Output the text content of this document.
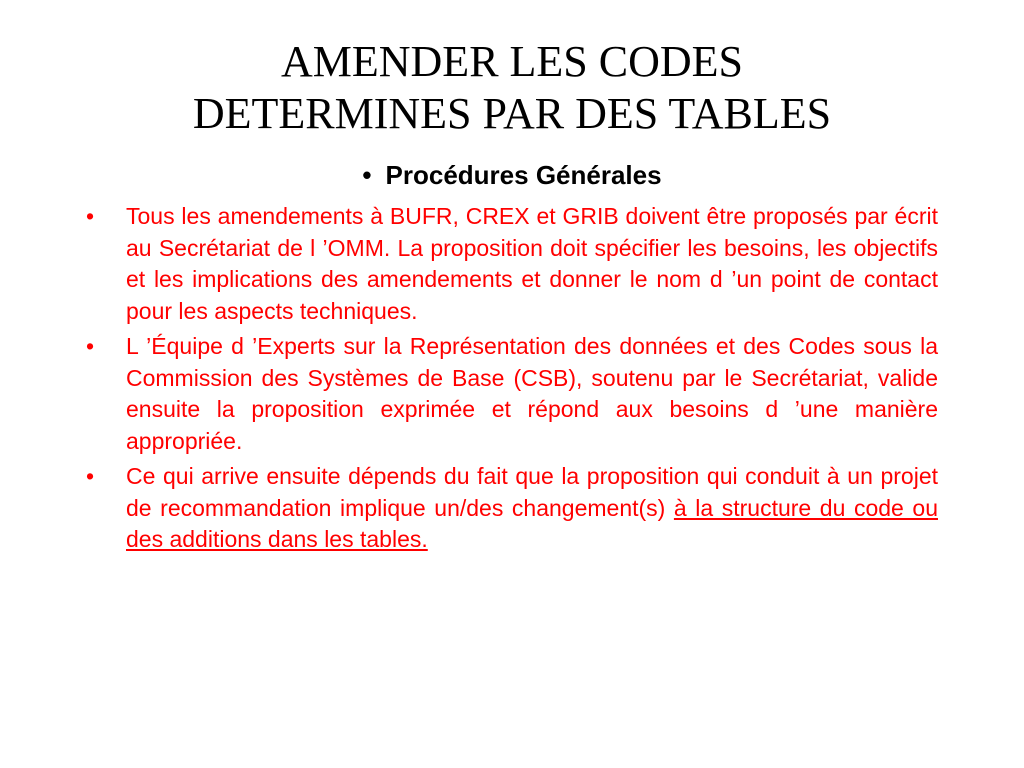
AMENDER LES CODES
DETERMINES PAR DES TABLES
• Procédures Générales
• Tous les amendements à BUFR, CREX et GRIB doivent être proposés par écrit au Secrétariat de l ’OMM. La proposition doit spécifier les besoins, les objectifs et les implications des amendements et donner le nom d ’un point de contact pour les aspects techniques.
• L ’Équipe d ’Experts sur la Représentation des données et des Codes sous la Commission des Systèmes de Base (CSB), soutenu par le Secrétariat, valide ensuite la proposition exprimée et répond aux besoins d ’une manière appropriée.
• Ce qui arrive ensuite dépends du fait que la proposition qui conduit à un projet de recommandation implique un/des changement(s) à la structure du code ou des additions dans les tables.
